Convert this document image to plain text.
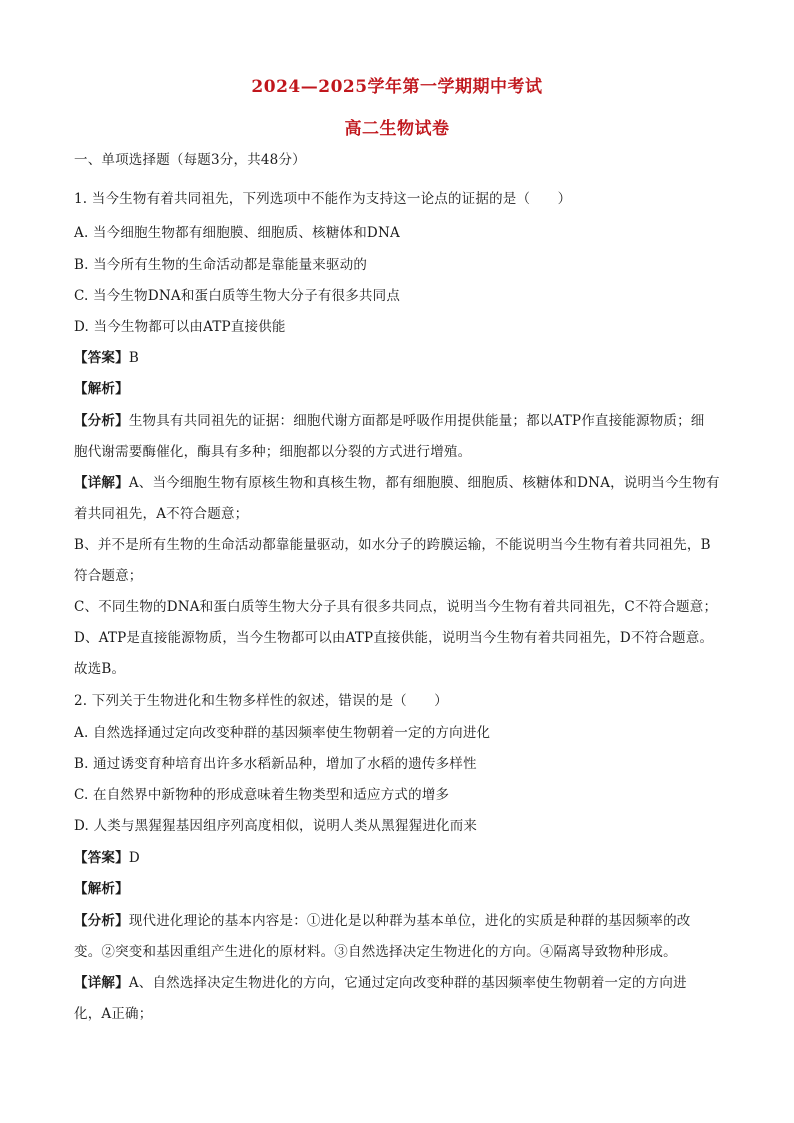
2024—2025学年第一学期期中考试
高二生物试卷
一、单项选择题（每题3分，共48分）
1. 当今生物有着共同祖先，下列选项中不能作为支持这一论点的证据的是（　　）
A. 当今细胞生物都有细胞膜、细胞质、核糖体和DNA
B. 当今所有生物的生命活动都是靠能量来驱动的
C. 当今生物DNA和蛋白质等生物大分子有很多共同点
D. 当今生物都可以由ATP直接供能
【答案】B
【解析】
【分析】生物具有共同祖先的证据：细胞代谢方面都是呼吸作用提供能量；都以ATP作直接能源物质；细
胞代谢需要酶催化，酶具有多种；细胞都以分裂的方式进行增殖。
【详解】A、当今细胞生物有原核生物和真核生物，都有细胞膜、细胞质、核糖体和DNA，说明当今生物有
着共同祖先，A不符合题意；
B、并不是所有生物的生命活动都靠能量驱动，如水分子的跨膜运输，不能说明当今生物有着共同祖先，B
符合题意；
C、不同生物的DNA和蛋白质等生物大分子具有很多共同点，说明当今生物有着共同祖先，C不符合题意；
D、ATP是直接能源物质，当今生物都可以由ATP直接供能，说明当今生物有着共同祖先，D不符合题意。
故选B。
2. 下列关于生物进化和生物多样性的叙述，错误的是（　　）
A. 自然选择通过定向改变种群的基因频率使生物朝着一定的方向进化
B. 通过诱变育种培育出许多水稻新品种，增加了水稻的遗传多样性
C. 在自然界中新物种的形成意味着生物类型和适应方式的增多
D. 人类与黑猩猩基因组序列高度相似，说明人类从黑猩猩进化而来
【答案】D
【解析】
【分析】现代进化理论的基本内容是：①进化是以种群为基本单位，进化的实质是种群的基因频率的改
变。②突变和基因重组产生进化的原材料。③自然选择决定生物进化的方向。④隔离导致物种形成。
【详解】A、自然选择决定生物进化的方向，它通过定向改变种群的基因频率使生物朝着一定的方向进
化，A正确；
